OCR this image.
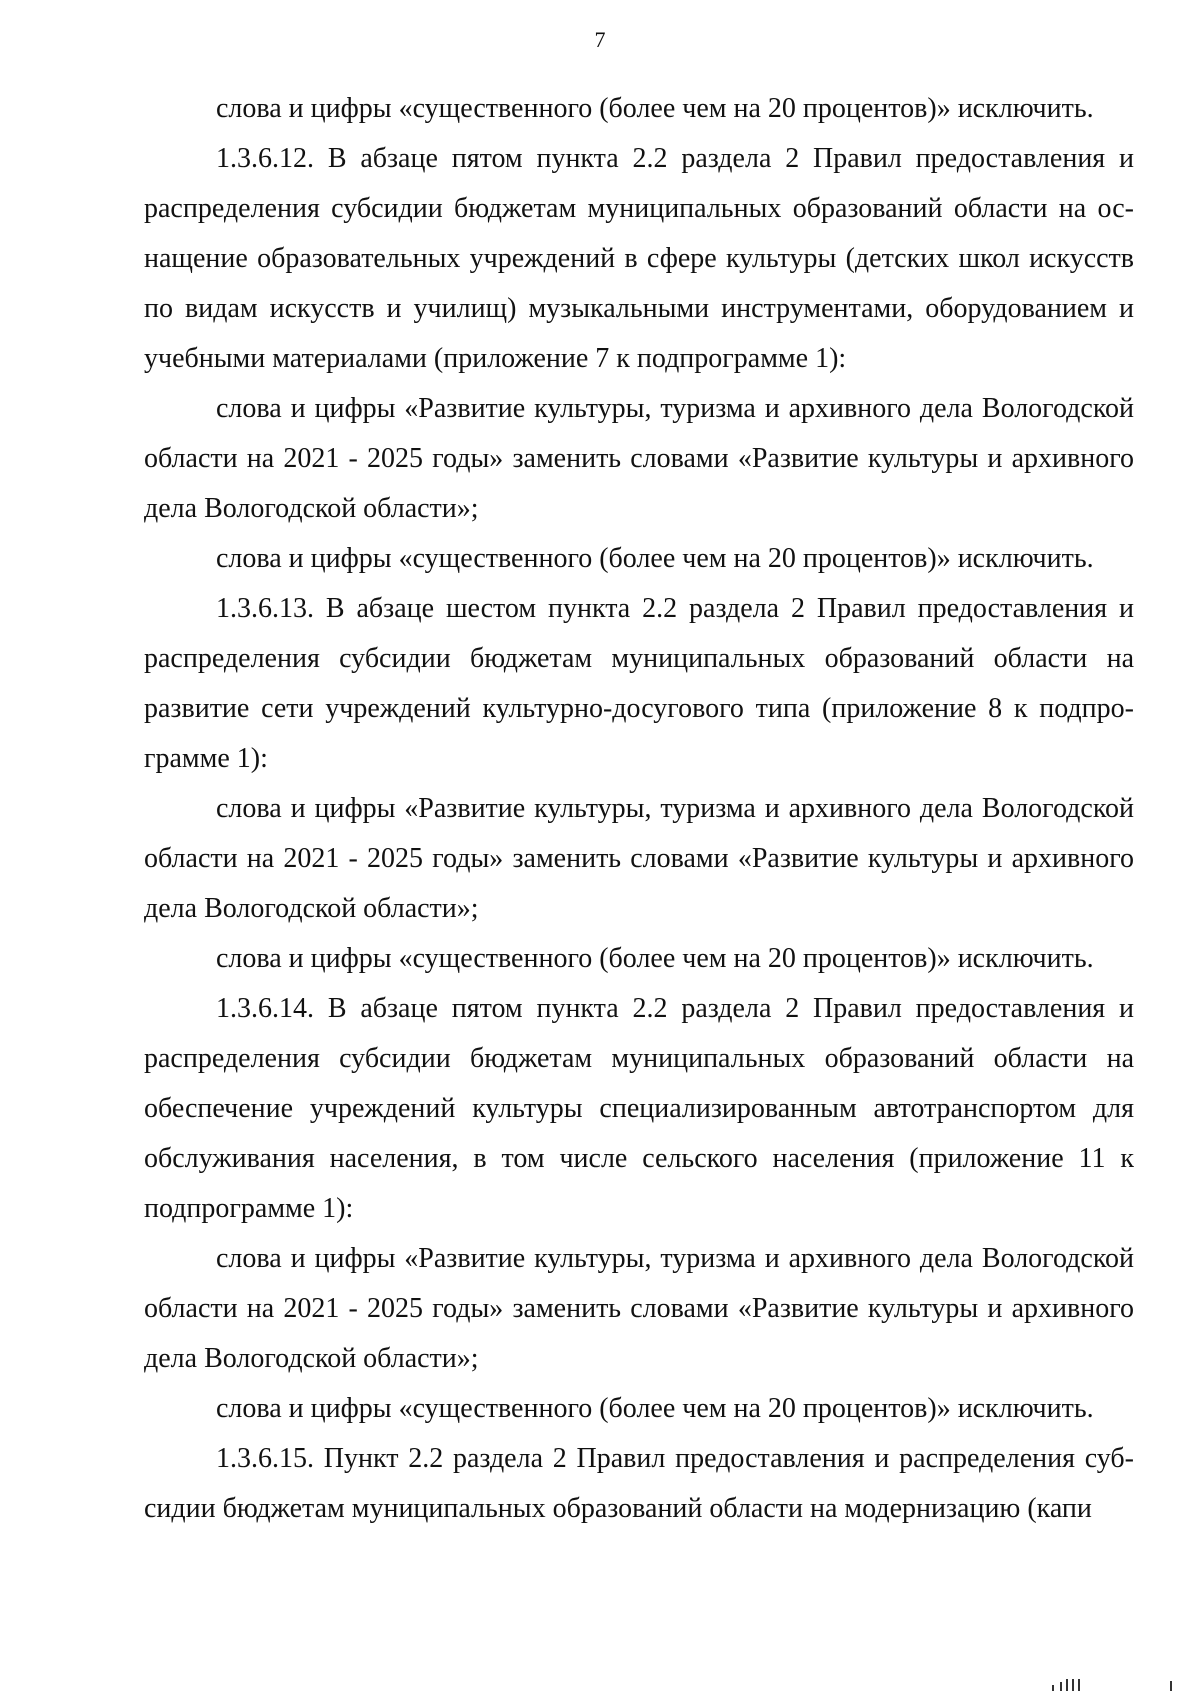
7

слова и цифры «существенного (более чем на 20 процентов)» исключить.

1.3.6.12. В абзаце пятом пункта 2.2 раздела 2 Правил предоставления и распределения субсидии бюджетам муниципальных образований области на оснащение образовательных учреждений в сфере культуры (детских школ искусств по видам искусств и училищ) музыкальными инструментами, оборудованием и учебными материалами (приложение 7 к подпрограмме 1):

слова и цифры «Развитие культуры, туризма и архивного дела Вологодской области на 2021 - 2025 годы» заменить словами «Развитие культуры и архивного дела Вологодской области»;

слова и цифры «существенного (более чем на 20 процентов)» исключить.

1.3.6.13. В абзаце шестом пункта 2.2 раздела 2 Правил предоставления и распределения субсидии бюджетам муниципальных образований области на развитие сети учреждений культурно-досугового типа (приложение 8 к подпрограмме 1):

слова и цифры «Развитие культуры, туризма и архивного дела Вологодской области на 2021 - 2025 годы» заменить словами «Развитие культуры и архивного дела Вологодской области»;

слова и цифры «существенного (более чем на 20 процентов)» исключить.

1.3.6.14. В абзаце пятом пункта 2.2 раздела 2 Правил предоставления и распределения субсидии бюджетам муниципальных образований области на обеспечение учреждений культуры специализированным автотранспортом для обслуживания населения, в том числе сельского населения (приложение 11 к подпрограмме 1):

слова и цифры «Развитие культуры, туризма и архивного дела Вологодской области на 2021 - 2025 годы» заменить словами «Развитие культуры и архивного дела Вологодской области»;

слова и цифры «существенного (более чем на 20 процентов)» исключить.

1.3.6.15. Пункт 2.2 раздела 2 Правил предоставления и распределения субсидии бюджетам муниципальных образований области на модернизацию (капи
